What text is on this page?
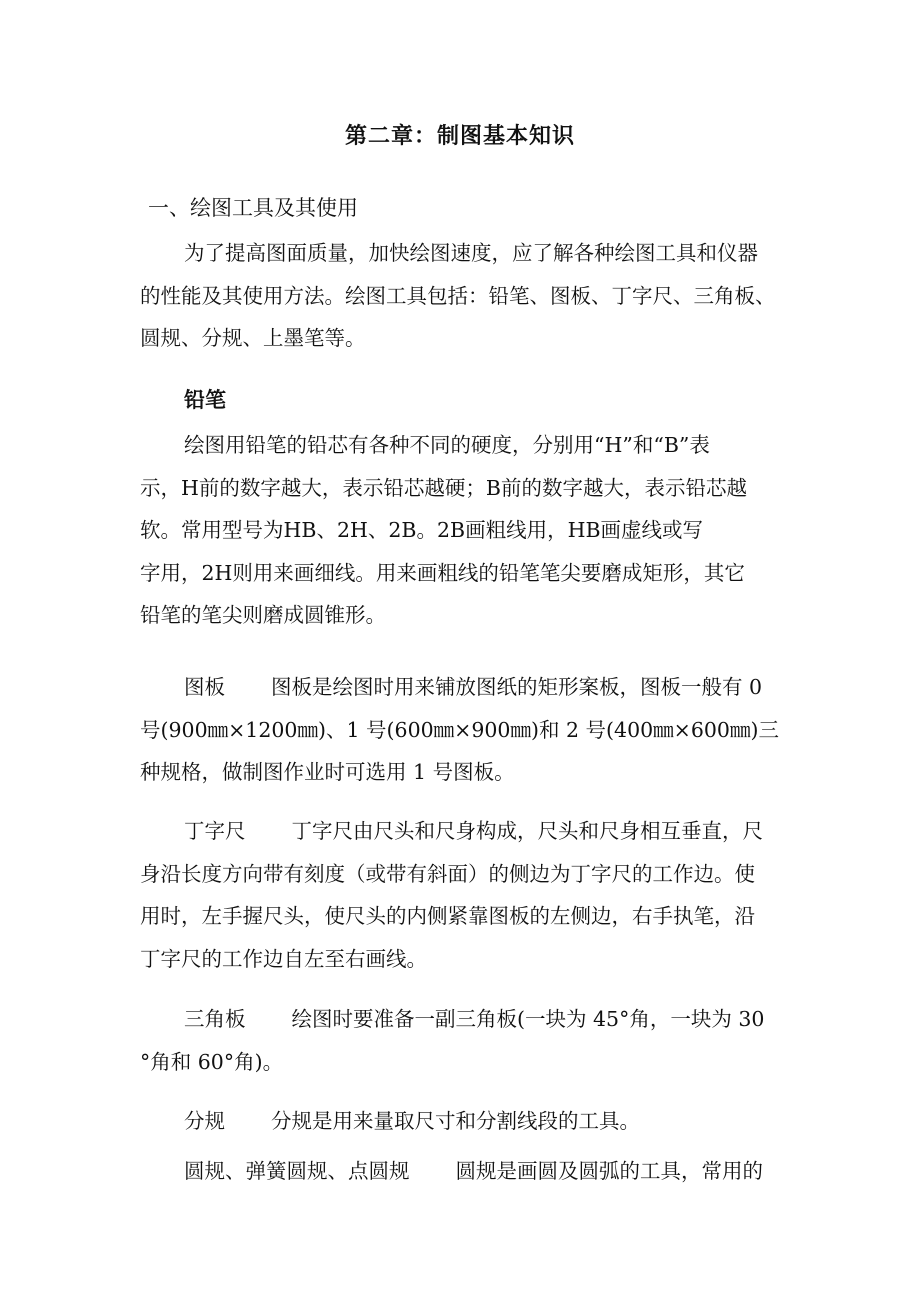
第二章：制图基本知识
一、绘图工具及其使用
为了提高图面质量，加快绘图速度，应了解各种绘图工具和仪器
的性能及其使用方法。绘图工具包括：铅笔、图板、丁字尺、三角板、
圆规、分规、上墨笔等。
铅笔
绘图用铅笔的铅芯有各种不同的硬度，分别用“H”和“B”表
示，H前的数字越大，表示铅芯越硬；B前的数字越大，表示铅芯越
软。常用型号为HB、2H、2B。2B画粗线用，HB画虚线或写
字用，2H则用来画细线。用来画粗线的铅笔笔尖要磨成矩形，其它
铅笔的笔尖则磨成圆锥形。
图板 图板是绘图时用来铺放图纸的矩形案板，图板一般有 0
号(900㎜×1200㎜)、1 号(600㎜×900㎜)和 2 号(400㎜×600㎜)三
种规格，做制图作业时可选用 1 号图板。
丁字尺 丁字尺由尺头和尺身构成，尺头和尺身相互垂直，尺
身沿长度方向带有刻度（或带有斜面）的侧边为丁字尺的工作边。使
用时，左手握尺头，使尺头的内侧紧靠图板的左侧边，右手执笔，沿
丁字尺的工作边自左至右画线。
三角板 绘图时要准备一副三角板(一块为 45°角，一块为 30
°角和 60°角)。
分规 分规是用来量取尺寸和分割线段的工具。
圆规、弹簧圆规、点圆规 圆规是画圆及圆弧的工具，常用的
